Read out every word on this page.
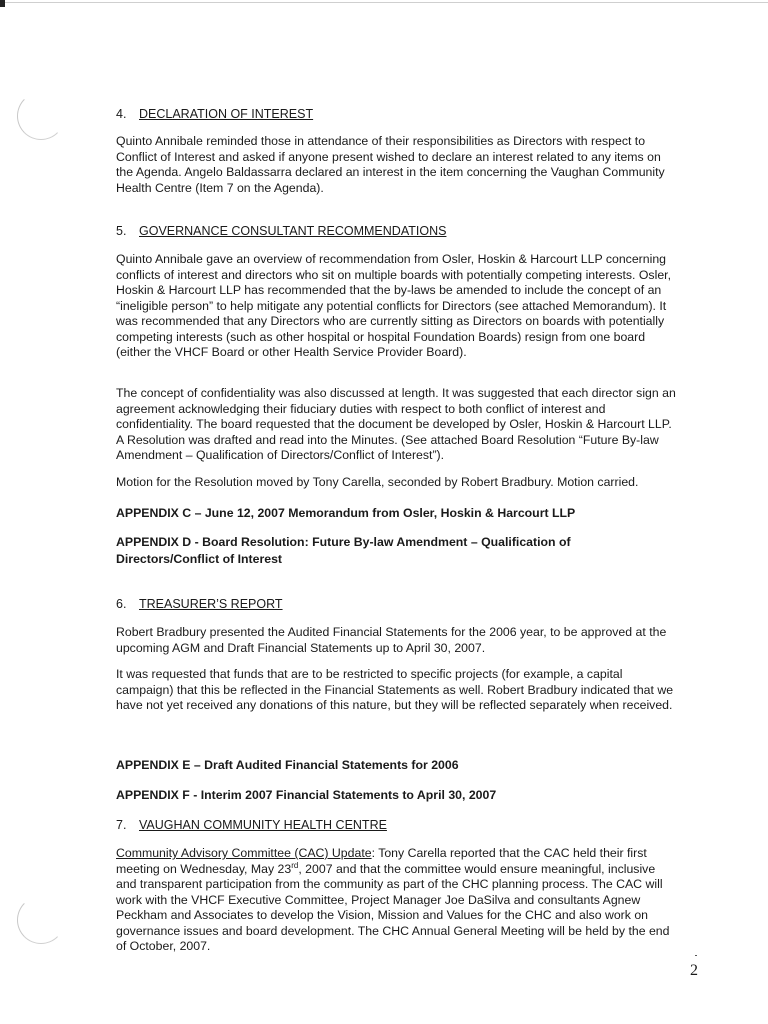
4. DECLARATION OF INTEREST

Quinto Annibale reminded those in attendance of their responsibilities as Directors with respect to Conflict of Interest and asked if anyone present wished to declare an interest related to any items on the Agenda. Angelo Baldassarra declared an interest in the item concerning the Vaughan Community Health Centre (Item 7 on the Agenda).

5. GOVERNANCE CONSULTANT RECOMMENDATIONS

Quinto Annibale gave an overview of recommendation from Osler, Hoskin & Harcourt LLP concerning conflicts of interest and directors who sit on multiple boards with potentially competing interests. Osler, Hoskin & Harcourt LLP has recommended that the by-laws be amended to include the concept of an “ineligible person” to help mitigate any potential conflicts for Directors (see attached Memorandum). It was recommended that any Directors who are currently sitting as Directors on boards with potentially competing interests (such as other hospital or hospital Foundation Boards) resign from one board (either the VHCF Board or other Health Service Provider Board).

The concept of confidentiality was also discussed at length. It was suggested that each director sign an agreement acknowledging their fiduciary duties with respect to both conflict of interest and confidentiality. The board requested that the document be developed by Osler, Hoskin & Harcourt LLP. A Resolution was drafted and read into the Minutes. (See attached Board Resolution “Future By-law Amendment – Qualification of Directors/Conflict of Interest”).

Motion for the Resolution moved by Tony Carella, seconded by Robert Bradbury. Motion carried.

APPENDIX C – June 12, 2007 Memorandum from Osler, Hoskin & Harcourt LLP

APPENDIX D - Board Resolution: Future By-law Amendment – Qualification of Directors/Conflict of Interest

6. TREASURER’S REPORT

Robert Bradbury presented the Audited Financial Statements for the 2006 year, to be approved at the upcoming AGM and Draft Financial Statements up to April 30, 2007.

It was requested that funds that are to be restricted to specific projects (for example, a capital campaign) that this be reflected in the Financial Statements as well. Robert Bradbury indicated that we have not yet received any donations of this nature, but they will be reflected separately when received.

APPENDIX E – Draft Audited Financial Statements for 2006

APPENDIX F - Interim 2007 Financial Statements to April 30, 2007

7. VAUGHAN COMMUNITY HEALTH CENTRE

Community Advisory Committee (CAC) Update: Tony Carella reported that the CAC held their first meeting on Wednesday, May 23rd, 2007 and that the committee would ensure meaningful, inclusive and transparent participation from the community as part of the CHC planning process. The CAC will work with the VHCF Executive Committee, Project Manager Joe DaSilva and consultants Agnew Peckham and Associates to develop the Vision, Mission and Values for the CHC and also work on governance issues and board development. The CHC Annual General Meeting will be held by the end of October, 2007.

2
